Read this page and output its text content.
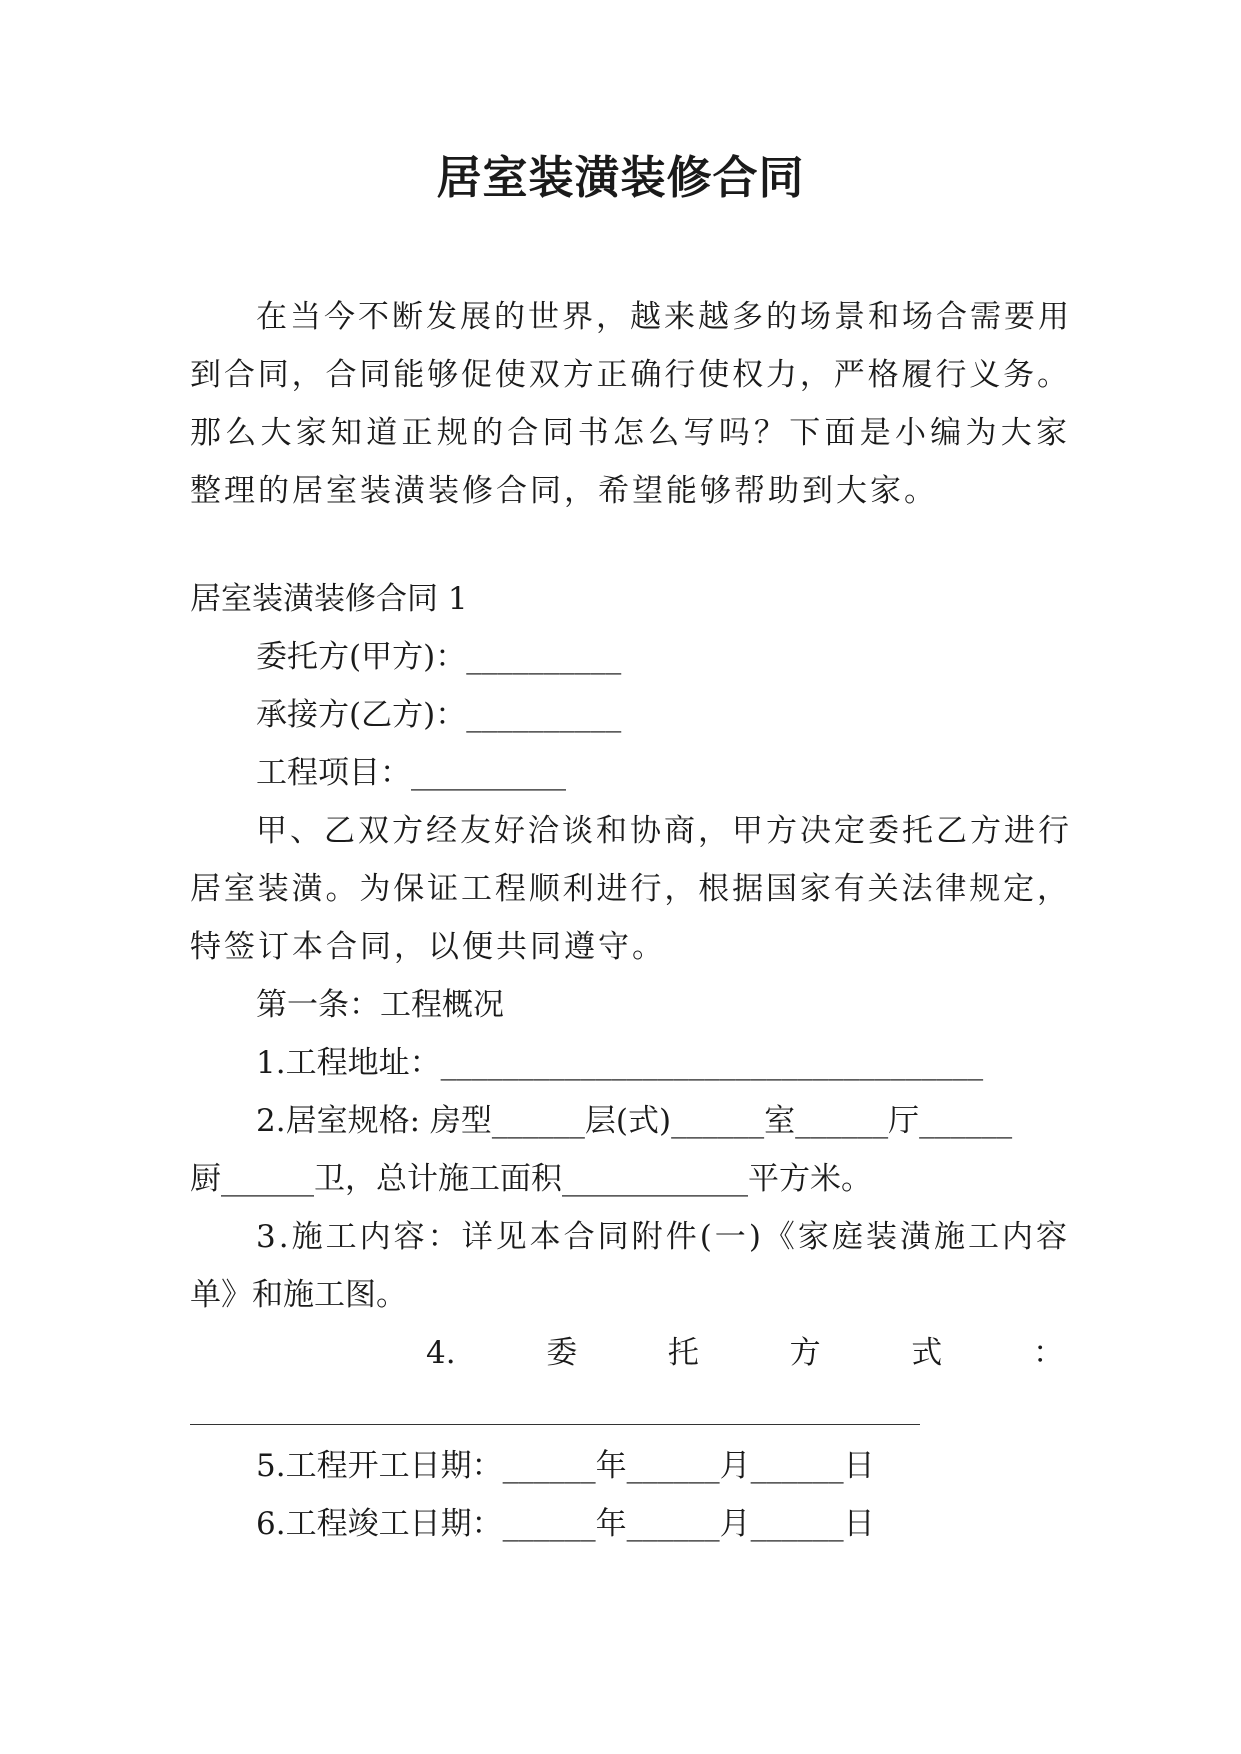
居室装潢装修合同

在当今不断发展的世界，越来越多的场景和场合需要用

到合同，合同能够促使双方正确行使权力，严格履行义务。

那么大家知道正规的合同书怎么写吗？下面是小编为大家

整理的居室装潢装修合同，希望能够帮助到大家。

居室装潢装修合同 1

委托方(甲方)：__________

承接方(乙方)：__________

工程项目：__________

甲、乙双方经友好洽谈和协商，甲方决定委托乙方进行

居室装潢。为保证工程顺利进行，根据国家有关法律规定，

特签订本合同，以便共同遵守。

第一条：工程概况

1.工程地址：___________________________________

2.居室规格: 房型______层(式)______室______厅______

厨______卫，总计施工面积____________平方米。

3.施工内容：详见本合同附件(一)《家庭装潢施工内容

单》和施工图。

4.	委	托	方	式	：

5.工程开工日期：______年______月______日

6.工程竣工日期：______年______月______日
